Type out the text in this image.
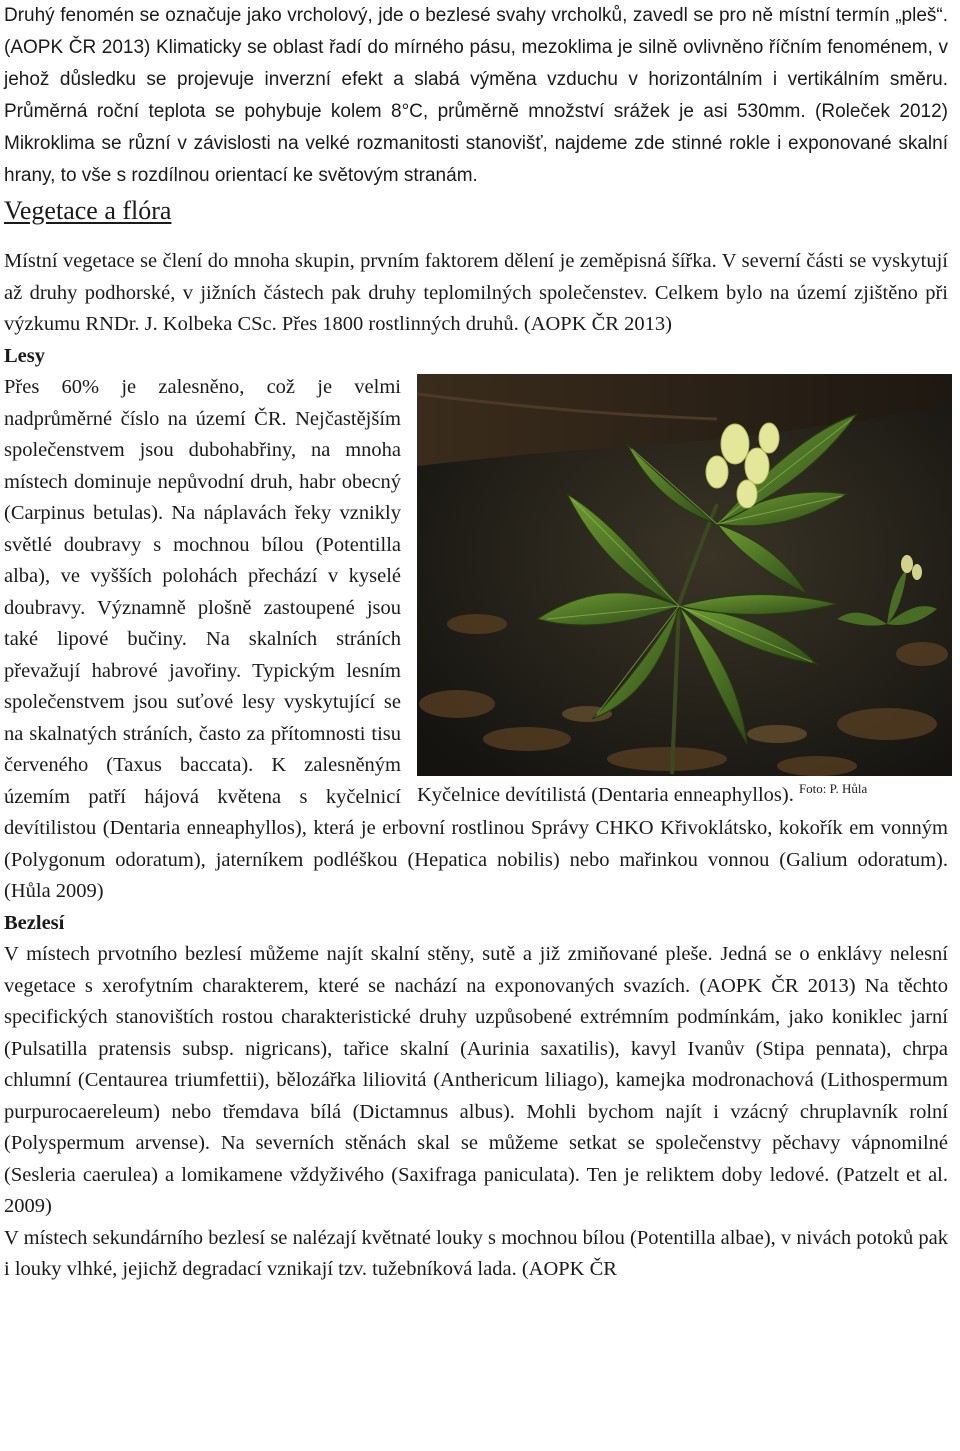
Druhý fenomén se označuje jako vrcholový, jde o bezlesé svahy vrcholků, zavedl se pro ně místní termín „pleš“. (AOPK ČR 2013) Klimaticky se oblast řadí do mírného pásu, mezoklima je silně ovlivněno říčním fenoménem, v jehož důsledku se projevuje inverzní efekt a slabá výměna vzduchu v horizontálním i vertikálním směru. Průměrná roční teplota se pohybuje kolem 8°C, průměrně množství srážek je asi 530mm. (Roleček 2012) Mikroklima se různí v závislosti na velké rozmanitosti stanovišť, najdeme zde stinné rokle i exponované skalní hrany, to vše s rozdílnou orientací ke světovým stranám.

Vegetace a flóra

Místní vegetace se člení do mnoha skupin, prvním faktorem dělení je zeměpisná šířka. V severní části se vyskytují až druhy podhorské, v jižních částech pak druhy teplomilných společenstev. Celkem bylo na území zjištěno při výzkumu RNDr. J. Kolbeka CSc. Přes 1800 rostlinných druhů. (AOPK ČR 2013)

Lesy
Kyčelnice devítilistá (Dentaria enneaphyllos). $^{Foto: P. Hůla}$

Přes 60% je zalesněno, což je velmi nadprůměrné číslo na území ČR. Nejčastějším společenstvem jsou dubohabřiny, na mnoha místech dominuje nepůvodní druh, habr obecný (Carpinus betulas). Na náplavách řeky vznikly světlé doubravy s mochnou bílou (Potentilla alba), ve vyšších polohách přechází v kyselé doubravy. Významně plošně zastoupené jsou také lipové bučiny. Na skalních stráních převažují habrové javořiny. Typickým lesním společenstvem jsou suťové lesy vyskytující se na skalnatých stráních, často za přítomnosti tisu červeného (Taxus baccata). K zalesněným územím patří hájová květena s kyčelnicí devítilistou (Dentaria enneaphyllos), která je erbovní rostlinou Správy CHKO Křivoklátsko, kokořík em vonným (Polygonum odoratum), jaterníkem podléškou (Hepatica nobilis) nebo mařinkou vonnou (Galium odoratum). (Hůla 2009)

Bezlesí

V místech prvotního bezlesí můžeme najít skalní stěny, sutě a již zmiňované pleše. Jedná se o enklávy nelesní vegetace s xerofytním charakterem, které se nachází na exponovaných svazích. (AOPK ČR 2013) Na těchto specifických stanovištích rostou charakteristické druhy uzpůsobené extrémním podmínkám, jako koniklec jarní (Pulsatilla pratensis subsp. nigricans), tařice skalní (Aurinia saxatilis), kavyl Ivanův (Stipa pennata), chrpa chlumní (Centaurea triumfettii), bělozářka liliovitá (Anthericum liliago), kamejka modronachová (Lithospermum purpurocaereleum) nebo třemdava bílá (Dictamnus albus). Mohli bychom najít i vzácný chruplavník rolní (Polyspermum arvense). Na severních stěnách skal se můžeme setkat se společenstvy pěchavy vápnomilné (Sesleria caerulea) a lomikamene vždyživého (Saxifraga paniculata). Ten je reliktem doby ledové. (Patzelt et al. 2009)

V místech sekundárního bezlesí se nalézají květnaté louky s mochnou bílou (Potentilla albae), v nivách potoků pak i louky vlhké, jejichž degradací vznikají tzv. tužebníková lada. (AOPK ČR
